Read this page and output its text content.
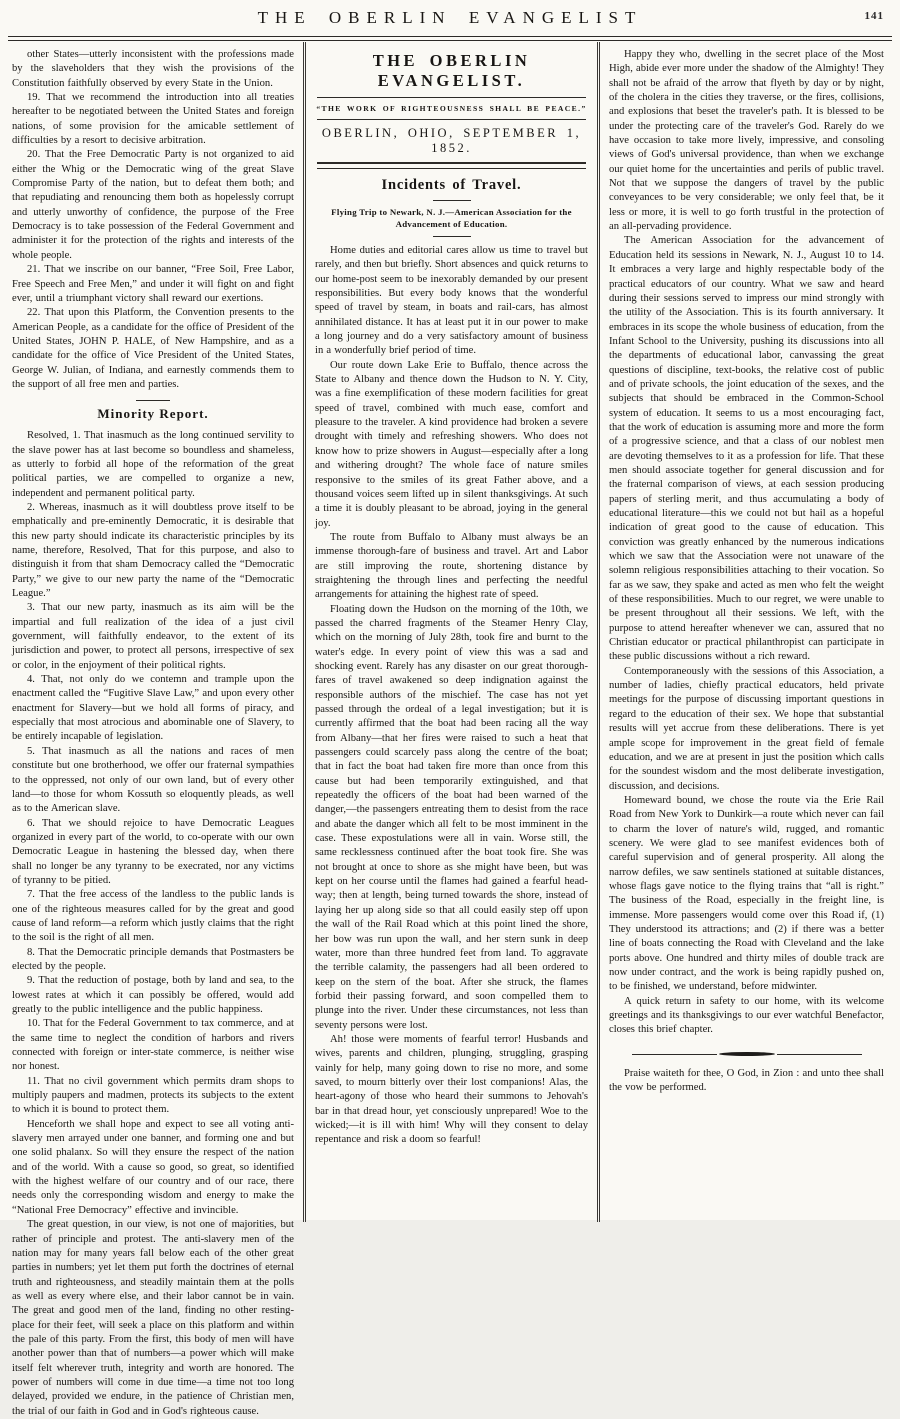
THE OBERLIN EVANGELIST	141

other States—utterly inconsistent with the professions made by the slaveholders that they wish the provisions of the Constitution faithfully observed by every State in the Union.

19. That we recommend the introduction into all treaties hereafter to be negotiated between the United States and foreign nations, of some provision for the amicable settlement of difficulties by a resort to decisive arbitration.

20. That the Free Democratic Party is not organized to aid either the Whig or the Democratic wing of the great Slave Compromise Party of the nation, but to defeat them both; and that repudiating and renouncing them both as hopelessly corrupt and utterly unworthy of confidence, the purpose of the Free Democracy is to take possession of the Federal Government and administer it for the protection of the rights and interests of the whole people.

21. That we inscribe on our banner, “Free Soil, Free Labor, Free Speech and Free Men,” and under it will fight on and fight ever, until a triumphant victory shall reward our exertions.

22. That upon this Platform, the Convention presents to the American People, as a candidate for the office of President of the United States, JOHN P. HALE, of New Hampshire, and as a candidate for the office of Vice President of the United States, George W. Julian, of Indiana, and earnestly commends them to the support of all free men and parties.

Minority Report.

Resolved, 1. That inasmuch as the long continued servility to the slave power has at last become so boundless and shameless, as utterly to forbid all hope of the reformation of the great political parties, we are compelled to organize a new, independent and permanent political party.

2. Whereas, inasmuch as it will doubtless prove itself to be emphatically and pre-eminently Democratic, it is desirable that this new party should indicate its characteristic principles by its name, therefore, Resolved, That for this purpose, and also to distinguish it from that sham Democracy called the “Democratic Party,” we give to our new party the name of the “Democratic League.”

3. That our new party, inasmuch as its aim will be the impartial and full realization of the idea of a just civil government, will faithfully endeavor, to the extent of its jurisdiction and power, to protect all persons, irrespective of sex or color, in the enjoyment of their political rights.

4. That, not only do we contemn and trample upon the enactment called the “Fugitive Slave Law,” and upon every other enactment for Slavery—but we hold all forms of piracy, and especially that most atrocious and abominable one of Slavery, to be entirely incapable of legislation.

5. That inasmuch as all the nations and races of men constitute but one brotherhood, we offer our fraternal sympathies to the oppressed, not only of our own land, but of every other land—to those for whom Kossuth so eloquently pleads, as well as to the American slave.

6. That we should rejoice to have Democratic Leagues organized in every part of the world, to co-operate with our own Democratic League in hastening the blessed day, when there shall no longer be any tyranny to be execrated, nor any victims of tyranny to be pitied.

7. That the free access of the landless to the public lands is one of the righteous measures called for by the great and good cause of land reform—a reform which justly claims that the right to the soil is the right of all men.

8. That the Democratic principle demands that Postmasters be elected by the people.

9. That the reduction of postage, both by land and sea, to the lowest rates at which it can possibly be offered, would add greatly to the public intelligence and the public happiness.

10. That for the Federal Government to tax commerce, and at the same time to neglect the condition of harbors and rivers connected with foreign or inter-state commerce, is neither wise nor honest.

11. That no civil government which permits dram shops to multiply paupers and madmen, protects its subjects to the extent to which it is bound to protect them.

Henceforth we shall hope and expect to see all voting anti-slavery men arrayed under one banner, and forming one and but one solid phalanx. So will they ensure the respect of the nation and of the world. With a cause so good, so great, so identified with the highest welfare of our country and of our race, there needs only the corresponding wisdom and energy to make the “National Free Democracy” effective and invincible.

The great question, in our view, is not one of majorities, but rather of principle and protest. The anti-slavery men of the nation may for many years fall below each of the other great parties in numbers; yet let them put forth the doctrines of eternal truth and righteousness, and steadily maintain them at the polls as well as every where else, and their labor cannot be in vain. The great and good men of the land, finding no other resting-place for their feet, will seek a place on this platform and within the pale of this party. From the first, this body of men will have another power than that of numbers—a power which will make itself felt wherever truth, integrity and worth are honored. The power of numbers will come in due time—a time not too long delayed, provided we endure, in the patience of Christian men, the trial of our faith in God and in God's righteous cause.

THE OBERLIN EVANGELIST.
“THE WORK OF RIGHTEOUSNESS SHALL BE PEACE.”
OBERLIN, OHIO, SEPTEMBER 1, 1852.
Incidents of Travel.
Flying Trip to Newark, N. J.—American Association for the Advancement of Education.

Home duties and editorial cares allow us time to travel but rarely, and then but briefly. Short absences and quick returns to our home-post seem to be inexorably demanded by our present responsibilities. But every body knows that the wonderful speed of travel by steam, in boats and rail-cars, has almost annihilated distance. It has at least put it in our power to make a long journey and do a very satisfactory amount of business in a wonderfully brief period of time.

Our route down Lake Erie to Buffalo, thence across the State to Albany and thence down the Hudson to N. Y. City, was a fine exemplification of these modern facilities for great speed of travel, combined with much ease, comfort and pleasure to the traveler. A kind providence had broken a severe drought with timely and refreshing showers. Who does not know how to prize showers in August—especially after a long and withering drought? The whole face of nature smiles responsive to the smiles of its great Father above, and a thousand voices seem lifted up in silent thanksgivings. At such a time it is doubly pleasant to be abroad, joying in the general joy.

The route from Buffalo to Albany must always be an immense thorough-fare of business and travel. Art and Labor are still improving the route, shortening distance by straightening the through lines and perfecting the needful arrangements for attaining the highest rate of speed.

Floating down the Hudson on the morning of the 10th, we passed the charred fragments of the Steamer Henry Clay, which on the morning of July 28th, took fire and burnt to the water's edge. In every point of view this was a sad and shocking event. Rarely has any disaster on our great thorough-fares of travel awakened so deep indignation against the responsible authors of the mischief. The case has not yet passed through the ordeal of a legal investigation; but it is currently affirmed that the boat had been racing all the way from Albany—that her fires were raised to such a heat that passengers could scarcely pass along the centre of the boat; that in fact the boat had taken fire more than once from this cause but had been temporarily extinguished, and that repeatedly the officers of the boat had been warned of the danger,—the passengers entreating them to desist from the race and abate the danger which all felt to be most imminent in the case. These expostulations were all in vain. Worse still, the same recklessness continued after the boat took fire. She was not brought at once to shore as she might have been, but was kept on her course until the flames had gained a fearful head-way; then at length, being turned towards the shore, instead of laying her up along side so that all could easily step off upon the wall of the Rail Road which at this point lined the shore, her bow was run upon the wall, and her stern sunk in deep water, more than three hundred feet from land. To aggravate the terrible calamity, the passengers had all been ordered to keep on the stern of the boat. After she struck, the flames forbid their passing forward, and soon compelled them to plunge into the river. Under these circumstances, not less than seventy persons were lost.

Ah! those were moments of fearful terror! Husbands and wives, parents and children, plunging, struggling, grasping vainly for help, many going down to rise no more, and some saved, to mourn bitterly over their lost companions! Alas, the heart-agony of those who heard their summons to Jehovah's bar in that dread hour, yet consciously unprepared! Woe to the wicked;—it is ill with him! Why will they consent to delay repentance and risk a doom so fearful!

Happy they who, dwelling in the secret place of the Most High, abide ever more under the shadow of the Almighty! They shall not be afraid of the arrow that flyeth by day or by night, of the cholera in the cities they traverse, or the fires, collisions, and explosions that beset the traveler's path. It is blessed to be under the protecting care of the traveler's God. Rarely do we have occasion to take more lively, impressive, and consoling views of God's universal providence, than when we exchange our quiet home for the uncertainties and perils of public travel. Not that we suppose the dangers of travel by the public conveyances to be very considerable; we only feel that, be it less or more, it is well to go forth trustful in the protection of an all-pervading providence.

The American Association for the advancement of Education held its sessions in Newark, N. J., August 10 to 14. It embraces a very large and highly respectable body of the practical educators of our country. What we saw and heard during their sessions served to impress our mind strongly with the utility of the Association. This is its fourth anniversary. It embraces in its scope the whole business of education, from the Infant School to the University, pushing its discussions into all the departments of educational labor, canvassing the great questions of discipline, text-books, the relative cost of public and of private schools, the joint education of the sexes, and the subjects that should be embraced in the Common-School system of education. It seems to us a most encouraging fact, that the work of education is assuming more and more the form of a progressive science, and that a class of our noblest men are devoting themselves to it as a profession for life. That these men should associate together for general discussion and for the fraternal comparison of views, at each session producing papers of sterling merit, and thus accumulating a body of educational literature—this we could not but hail as a hopeful indication of great good to the cause of education. This conviction was greatly enhanced by the numerous indications which we saw that the Association were not unaware of the solemn religious responsibilities attaching to their vocation. So far as we saw, they spake and acted as men who felt the weight of these responsibilities. Much to our regret, we were unable to be present throughout all their sessions. We left, with the purpose to attend hereafter whenever we can, assured that no Christian educator or practical philanthropist can participate in these public discussions without a rich reward.

Contemporaneously with the sessions of this Association, a number of ladies, chiefly practical educators, held private meetings for the purpose of discussing important questions in regard to the education of their sex. We hope that substantial results will yet accrue from these deliberations. There is yet ample scope for improvement in the great field of female education, and we are at present in just the position which calls for the soundest wisdom and the most deliberate investigation, discussion, and decisions.

Homeward bound, we chose the route via the Erie Rail Road from New York to Dunkirk—a route which never can fail to charm the lover of nature's wild, rugged, and romantic scenery. We were glad to see manifest evidences both of careful supervision and of general prosperity. All along the narrow defiles, we saw sentinels stationed at suitable distances, whose flags gave notice to the flying trains that “all is right.” The business of the Road, especially in the freight line, is immense. More passengers would come over this Road if, (1) They understood its attractions; and (2) if there was a better line of boats connecting the Road with Cleveland and the lake ports above. One hundred and thirty miles of double track are now under contract, and the work is being rapidly pushed on, to be finished, we understand, before midwinter.

A quick return in safety to our home, with its welcome greetings and its thanksgivings to our ever watchful Benefactor, closes this brief chapter.

Praise waiteth for thee, O God, in Zion : and unto thee shall the vow be performed.
